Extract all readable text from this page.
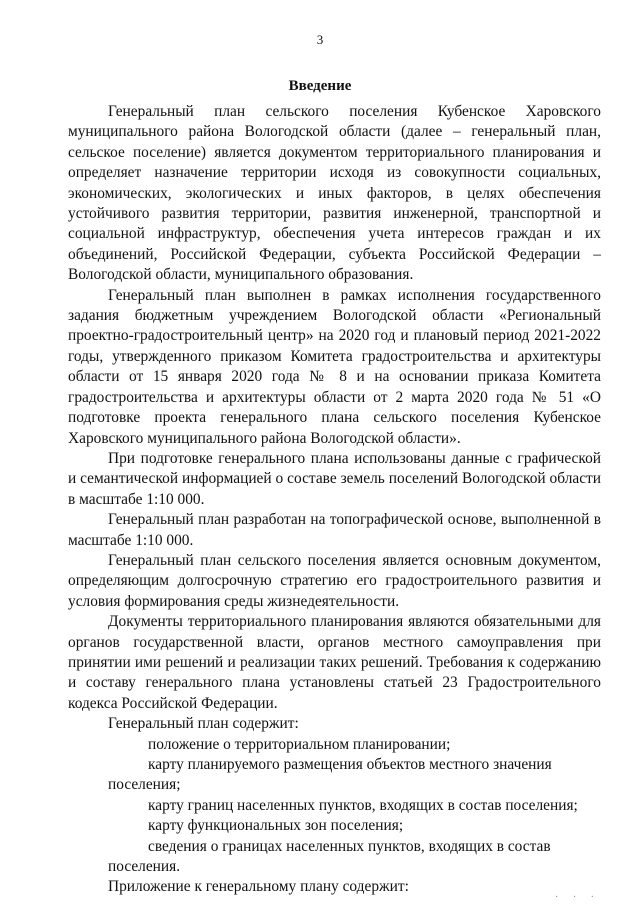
3
Введение

Генеральный план сельского поселения Кубенское Харовского муниципального района Вологодской области (далее – генеральный план, сельское поселение) является документом территориального планирования и определяет назначение территории исходя из совокупности социальных, экономических, экологических и иных факторов, в целях обеспечения устойчивого развития территории, развития инженерной, транспортной и социальной инфраструктур, обеспечения учета интересов граждан и их объединений, Российской Федерации, субъекта Российской Федерации – Вологодской области, муниципального образования.

Генеральный план выполнен в рамках исполнения государственного задания бюджетным учреждением Вологодской области «Региональный проектно-градостроительный центр» на 2020 год и плановый период 2021-2022 годы, утвержденного приказом Комитета градостроительства и архитектуры области от 15 января 2020 года № 8 и на основании приказа Комитета градостроительства и архитектуры области от 2 марта 2020 года № 51 «О подготовке проекта генерального плана сельского поселения Кубенское Харовского муниципального района Вологодской области».

При подготовке генерального плана использованы данные с графической и семантической информацией о составе земель поселений Вологодской области в масштабе 1:10 000.

Генеральный план разработан на топографической основе, выполненной в масштабе 1:10 000.

Генеральный план сельского поселения является основным документом, определяющим долгосрочную стратегию его градостроительного развития и условия формирования среды жизнедеятельности.

Документы территориального планирования являются обязательными для органов государственной власти, органов местного самоуправления при принятии ими решений и реализации таких решений. Требования к содержанию и составу генерального плана установлены статьей 23 Градостроительного кодекса Российской Федерации.

Генеральный план содержит:

положение о территориальном планировании;

карту планируемого размещения объектов местного значения поселения;

карту границ населенных пунктов, входящих в состав поселения;

карту функциональных зон поселения;

сведения о границах населенных пунктов, входящих в состав поселения.

Приложение к генеральному плану содержит:

· · ·
